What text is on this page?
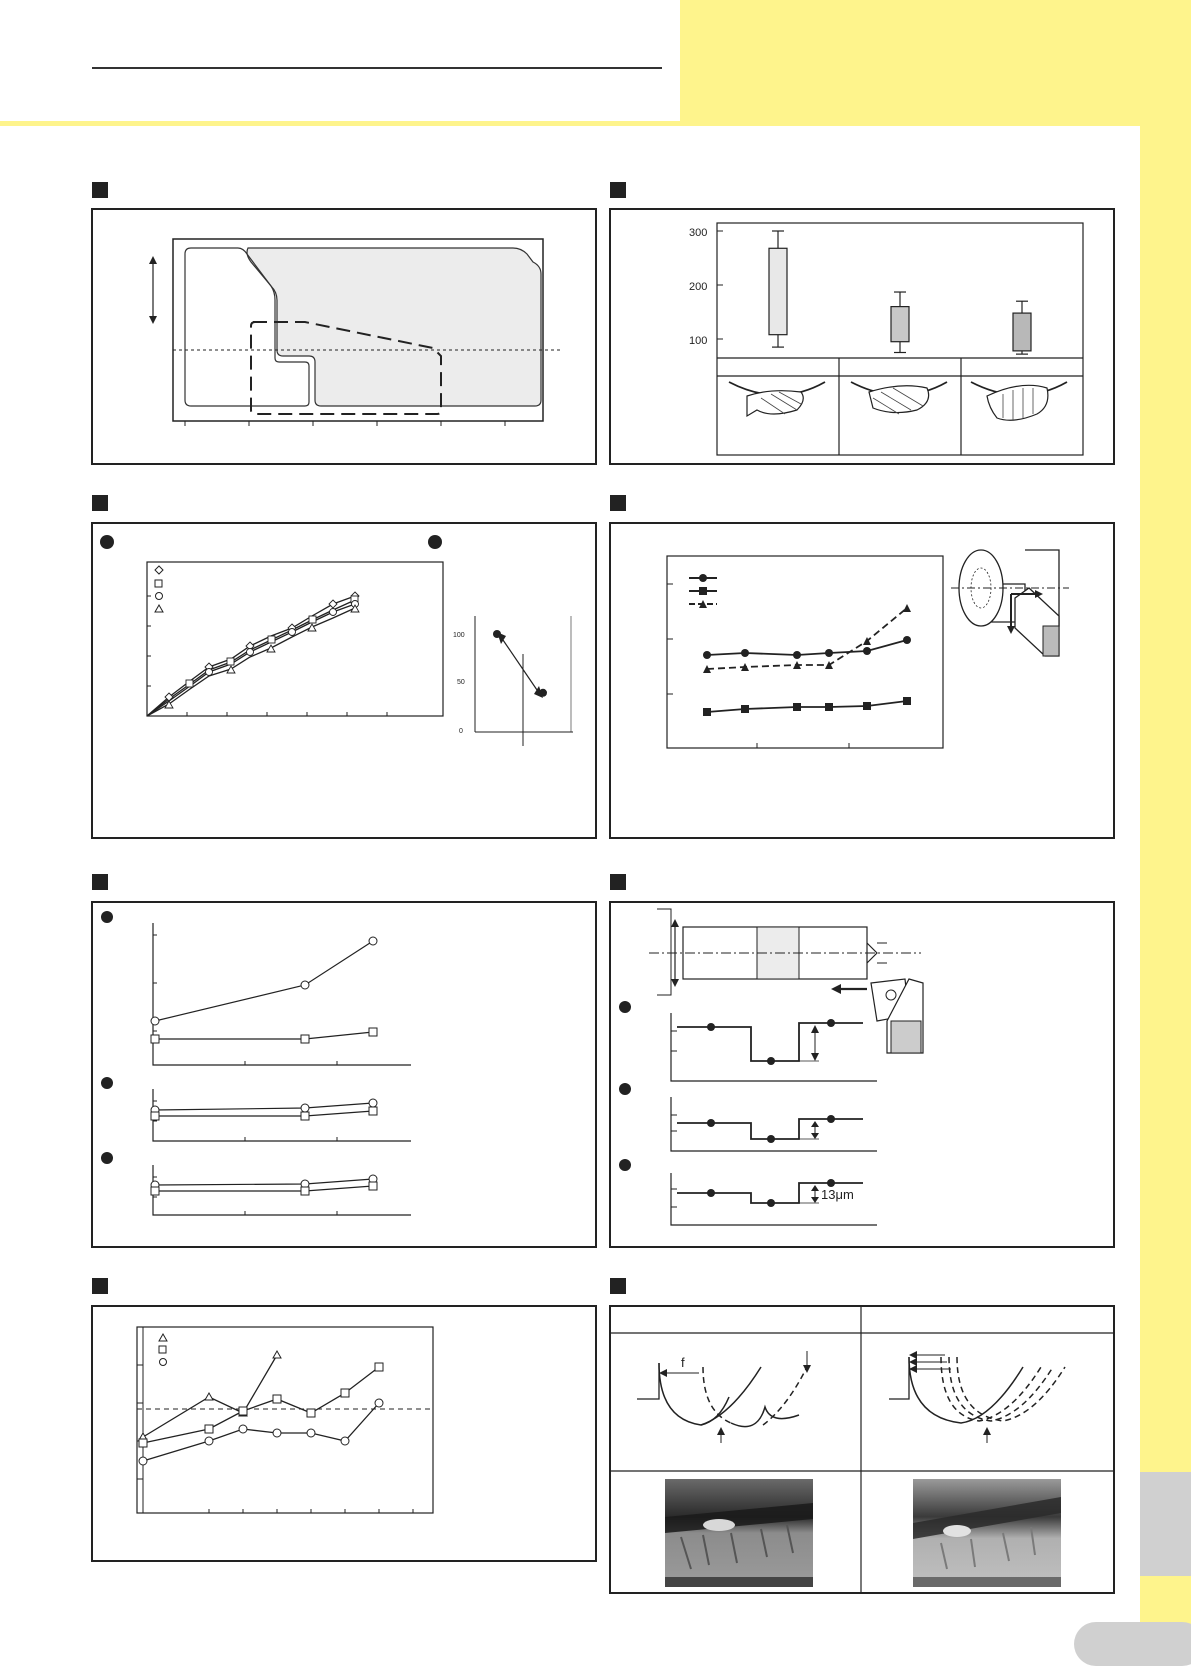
300
200
100
100
50
0
13μm
f
